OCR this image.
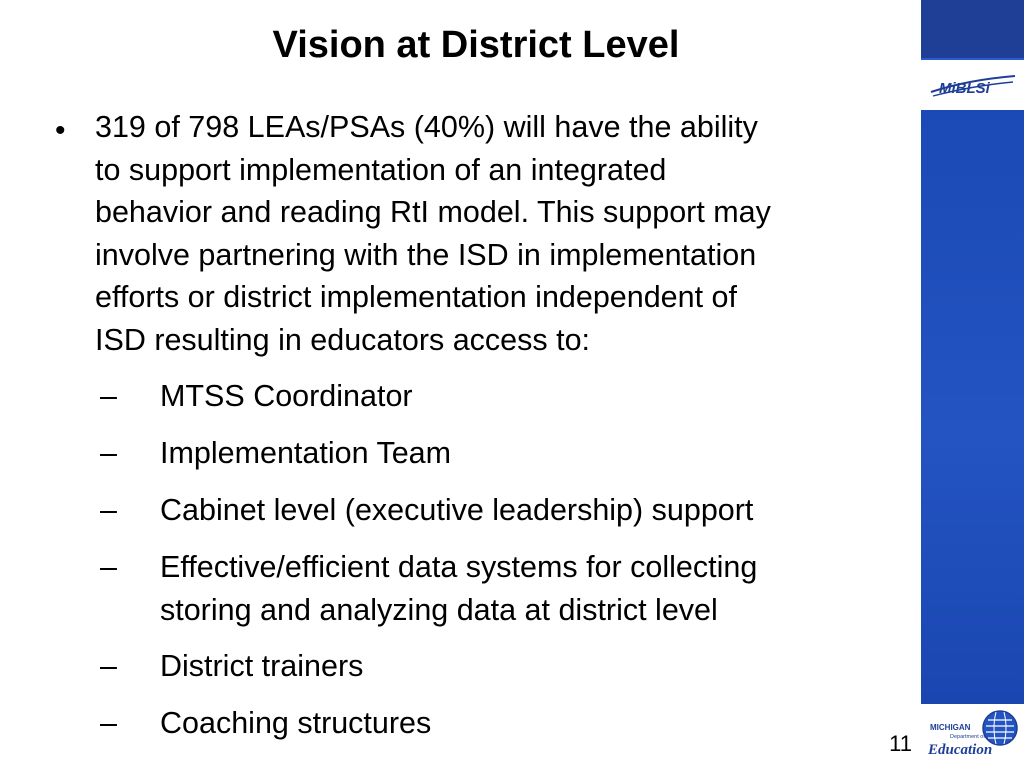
MiBLSi
Vision at District Level
• 319 of 798 LEAs/PSAs (40%) will have the ability
to support implementation of an integrated
behavior and reading RtI model. This support may
involve partnering with the ISD in implementation
efforts or district implementation independent of
ISD resulting in educators access to:
– MTSS Coordinator
– Implementation Team
– Cabinet level (executive leadership) support
– Effective/efficient data systems for collecting
storing and analyzing data at district level
– District trainers
– Coaching structures
11
MICHIGAN
Department of
Education
